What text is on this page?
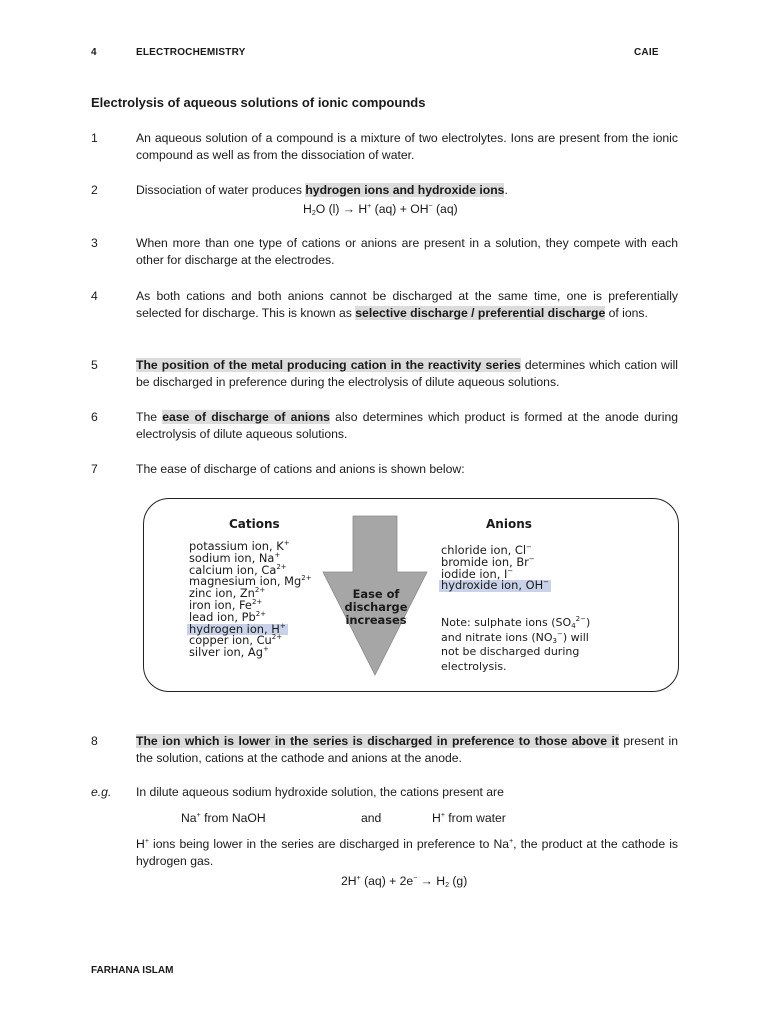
4	ELECTROCHEMISTRY	CAIE
Electrolysis of aqueous solutions of ionic compounds
1	An aqueous solution of a compound is a mixture of two electrolytes. Ions are present from the ionic compound as well as from the dissociation of water.
2	Dissociation of water produces hydrogen ions and hydroxide ions.
$H_2O$ (l) → H+ (aq) + OH− (aq)
3	When more than one type of cations or anions are present in a solution, they compete with each other for discharge at the electrodes.
4	As both cations and both anions cannot be discharged at the same time, one is preferentially selected for discharge. This is known as selective discharge / preferential discharge of ions.
5	The position of the metal producing cation in the reactivity series determines which cation will be discharged in preference during the electrolysis of dilute aqueous solutions.
6	The ease of discharge of anions also determines which product is formed at the anode during electrolysis of dilute aqueous solutions.
7	The ease of discharge of cations and anions is shown below:
Cations	Anions
potassium ion, K+
sodium ion, Na+
calcium ion, $Ca^{2+}$
magnesium ion, $Mg^{2+}$
zinc ion, $Zn^{2+}$
iron ion, $Fe^{2+}$
lead ion, $Pb^{2+}$
hydrogen ion, H+
copper ion, $Cu^{2+}$
silver ion, Ag+
chloride ion, Cl−
bromide ion, Br−
iodide ion, I−
hydroxide ion, OH−
Ease of
discharge
increases	Note: sulphate ions $(SO_4^{2-})$
and nitrate ions $(NO_3^-)$ will
not be discharged during
electrolysis.
8	The ion which is lower in the series is discharged in preference to those above it present in the solution, cations at the cathode and anions at the anode.
e.g.	In dilute aqueous sodium hydroxide solution, the cations present are
Na+ from NaOH	and	H+ from water
H+ ions being lower in the series are discharged in preference to Na+, the product at the cathode is hydrogen gas.
2H+ $(aq) + 2e^- \to H_2$ (g)
FARHANA ISLAM
